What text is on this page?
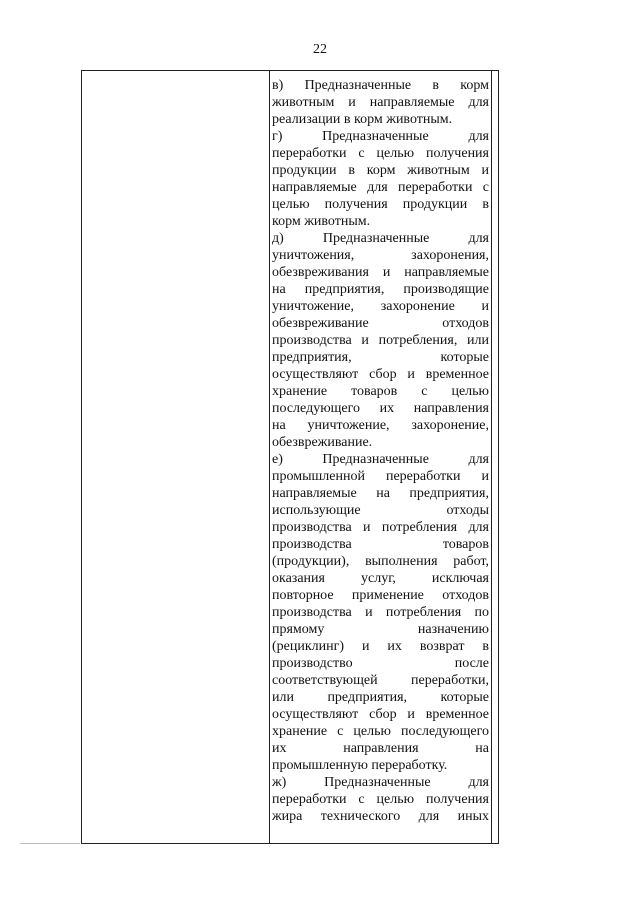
22
в) Предназначенные в корм
животным и направляемые для
реализации в корм животным.
г) Предназначенные для
переработки с целью получения
продукции в корм животным и
направляемые для переработки с
целью получения продукции в
корм животным.
д) Предназначенные для
уничтожения, захоронения,
обезвреживания и направляемые
на предприятия, производящие
уничтожение, захоронение и
обезвреживание отходов
производства и потребления, или
предприятия, которые
осуществляют сбор и временное
хранение товаров с целью
последующего их направления
на уничтожение, захоронение,
обезвреживание.
е) Предназначенные для
промышленной переработки и
направляемые на предприятия,
использующие отходы
производства и потребления для
производства товаров
(продукции), выполнения работ,
оказания услуг, исключая
повторное применение отходов
производства и потребления по
прямому назначению
(рециклинг) и их возврат в
производство после
соответствующей переработки,
или предприятия, которые
осуществляют сбор и временное
хранение с целью последующего
их направления на
промышленную переработку.
ж) Предназначенные для
переработки с целью получения
жира технического для иных
